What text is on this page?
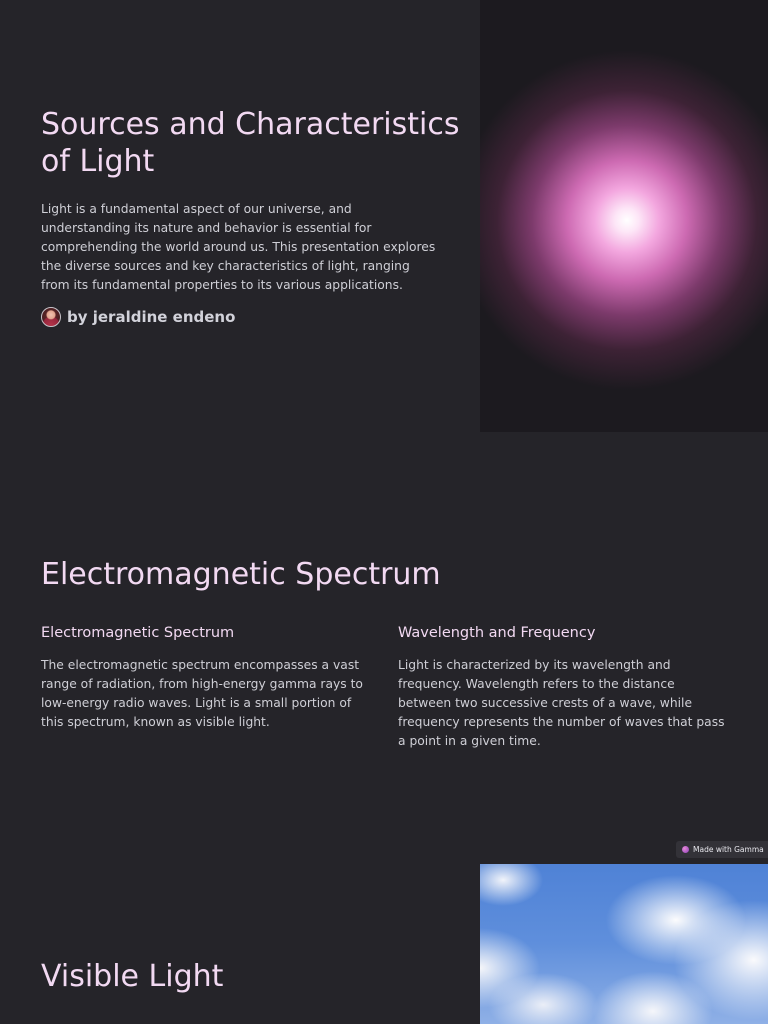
Sources and Characteristics of Light

Light is a fundamental aspect of our universe, and understanding its nature and behavior is essential for comprehending the world around us. This presentation explores the diverse sources and key characteristics of light, ranging from its fundamental properties to its various applications.

by jeraldine endeno
Electromagnetic Spectrum
Electromagnetic Spectrum

The electromagnetic spectrum encompasses a vast range of radiation, from high-energy gamma rays to low-energy radio waves. Light is a small portion of this spectrum, known as visible light.

Wavelength and Frequency

Light is characterized by its wavelength and frequency. Wavelength refers to the distance between two successive crests of a wave, while frequency represents the number of waves that pass a point in a given time.

Made with Gamma
Visible Light
